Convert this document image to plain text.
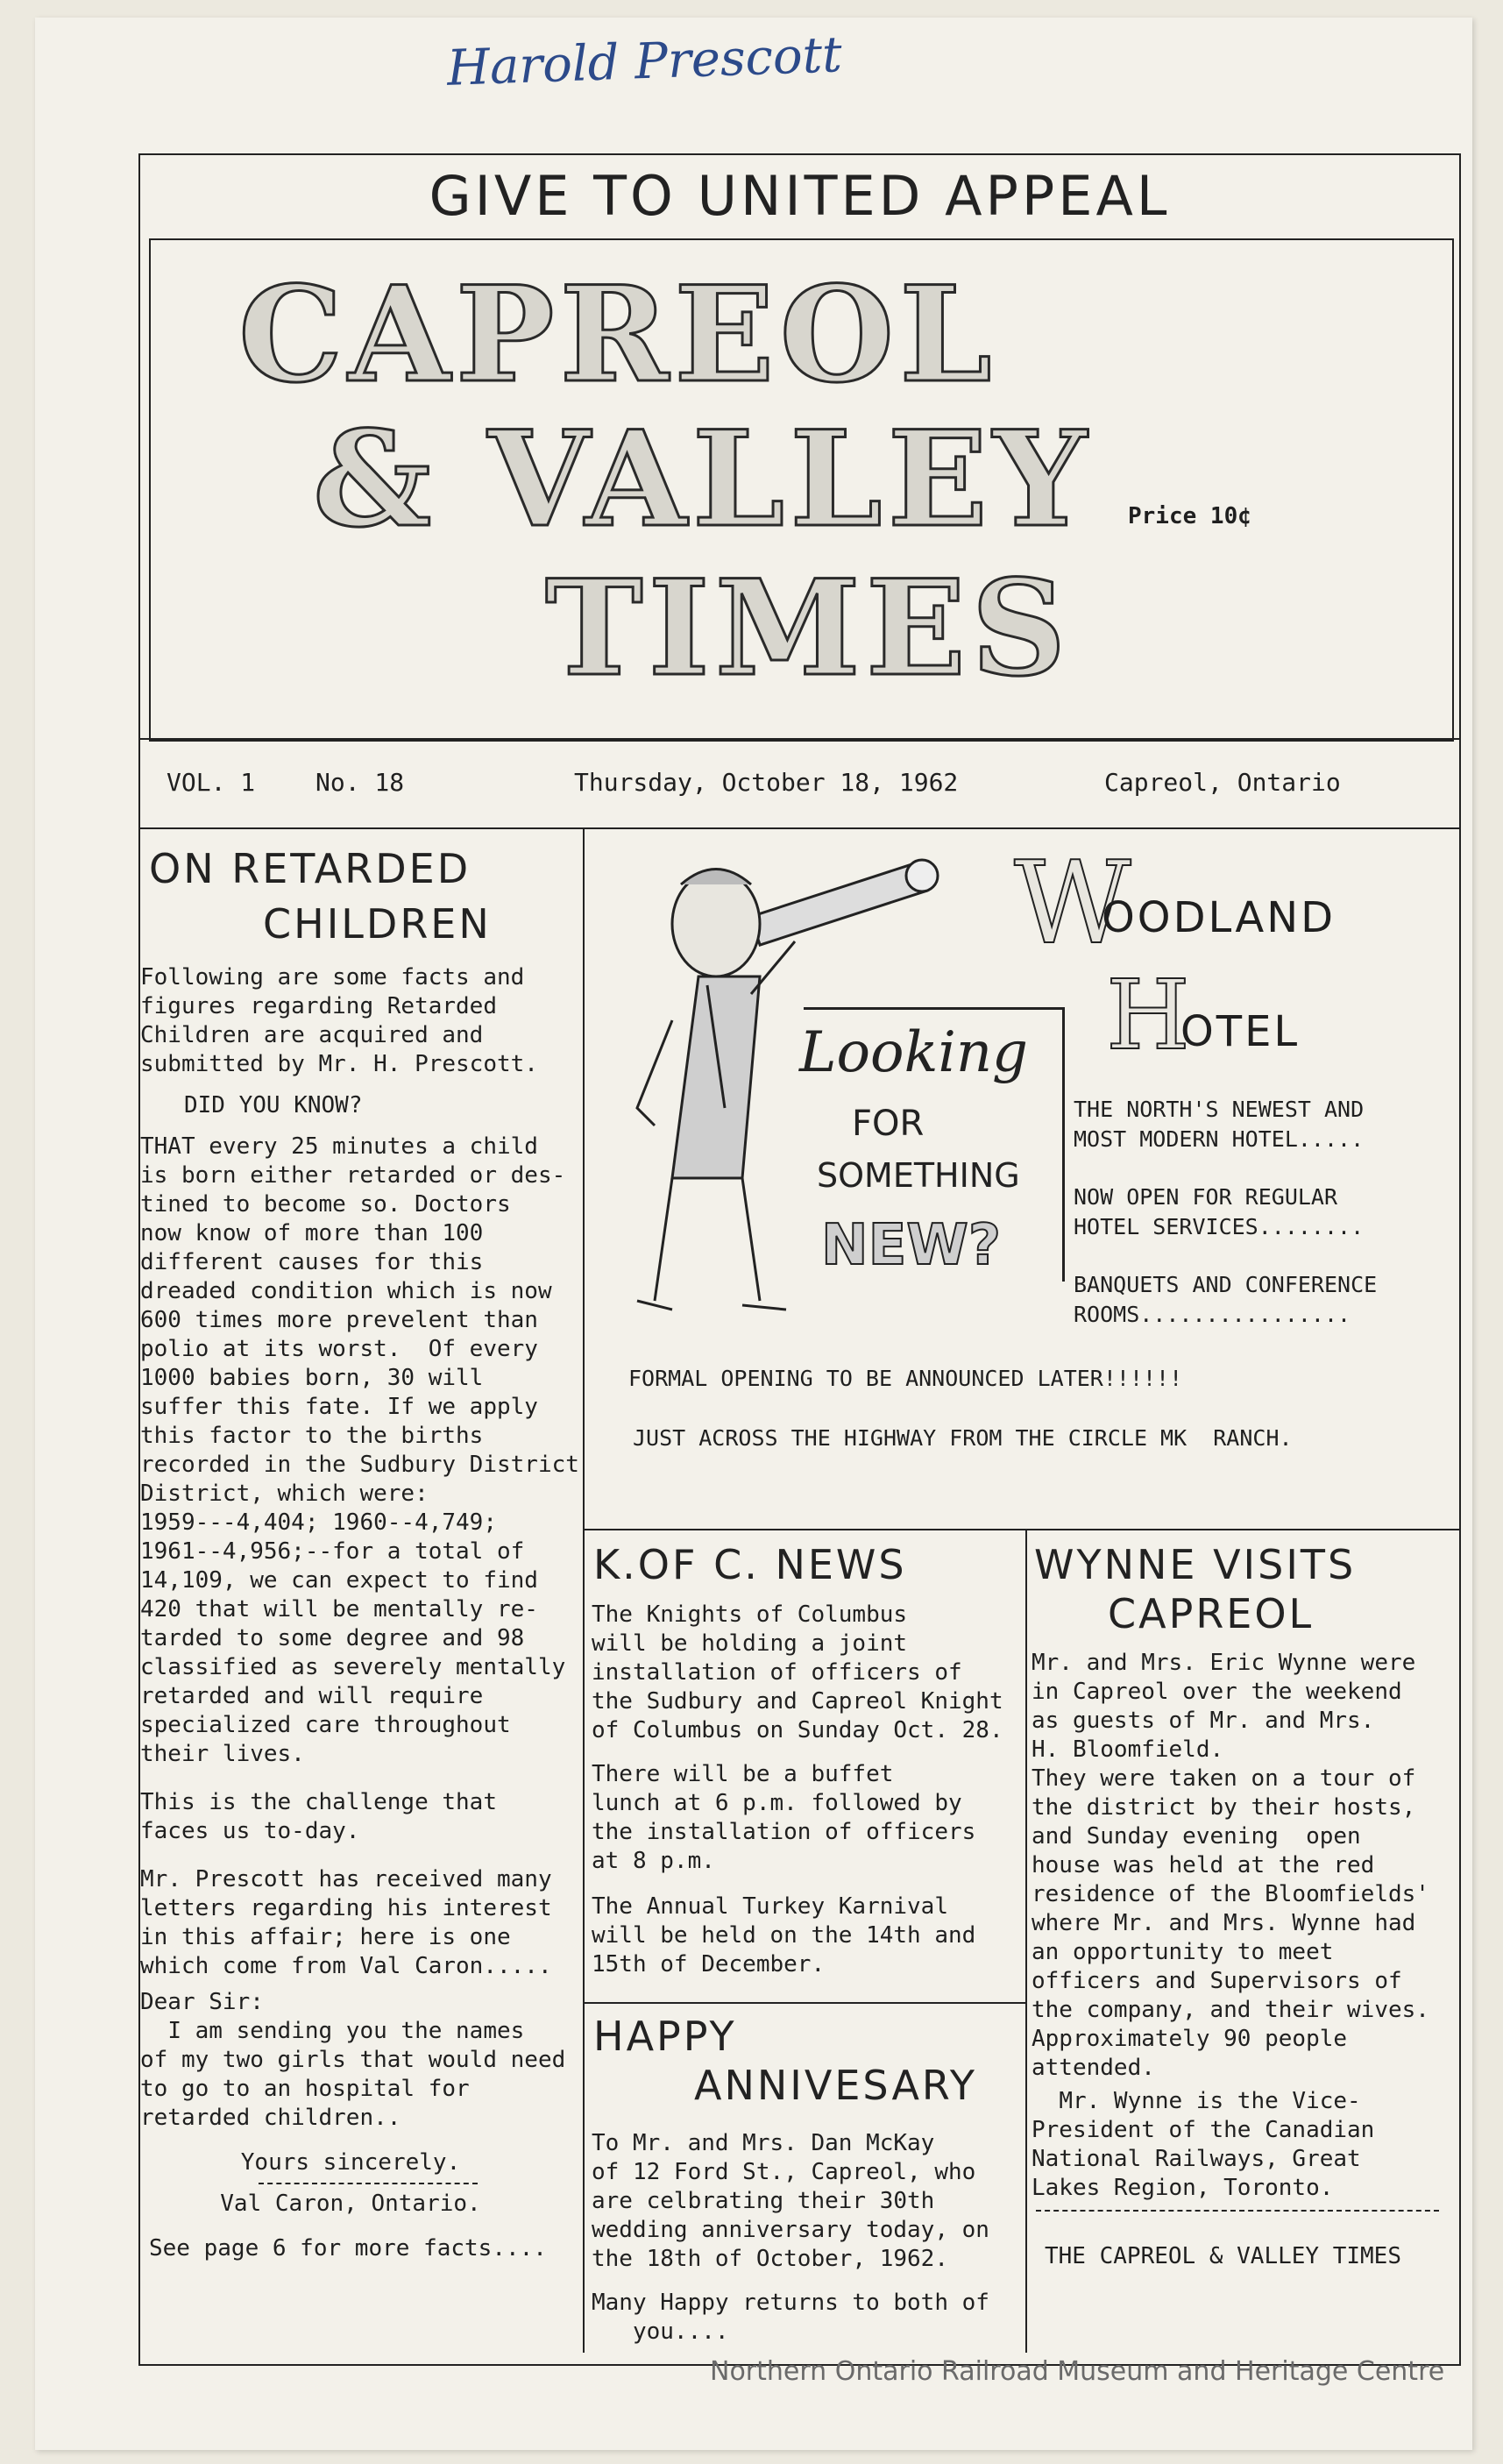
Harold Prescott
GIVE TO UNITED APPEAL
CAPREOL
& VALLEY
TIMES
Price 10¢
VOL. 1 No. 18	Thursday, October 18, 1962	Capreol, Ontario
ON RETARDED
CHILDREN
Following are some facts and
figures regarding Retarded
Children are acquired and
submitted by Mr. H. Prescott.
DID YOU KNOW?
THAT every 25 minutes a child
is born either retarded or des-
tined to become so. Doctors
now know of more than 100
different causes for this
dreaded condition which is now
600 times more prevelent than
polio at its worst.  Of every
1000 babies born, 30 will
suffer this fate. If we apply
this factor to the births
recorded in the Sudbury District
District, which were:
1959---4,404; 1960--4,749;
1961--4,956;--for a total of
14,109, we can expect to find
420 that will be mentally re-
tarded to some degree and 98
classified as severely mentally
retarded and will require
specialized care throughout
their lives.
This is the challenge that
faces us to-day.
Mr. Prescott has received many
letters regarding his interest
in this affair; here is one
which come from Val Caron.....
Dear Sir:
I am sending you the names
of my two girls that would need
to go to an hospital for
retarded children..
Yours sincerely.
Val Caron, Ontario.
See page 6 for more facts....
Looking
FOR
SOMETHING
NEW?
W
OODLAND
H
OTEL
THE NORTH'S NEWEST AND
MOST MODERN HOTEL.....
NOW OPEN FOR REGULAR
HOTEL SERVICES........
BANQUETS AND CONFERENCE
ROOMS................
FORMAL OPENING TO BE ANNOUNCED LATER!!!!!!
JUST ACROSS THE HIGHWAY FROM THE CIRCLE MK  RANCH.
K.OF C. NEWS
The Knights of Columbus
will be holding a joint
installation of officers of
the Sudbury and Capreol Knight
of Columbus on Sunday Oct. 28.
There will be a buffet
lunch at 6 p.m. followed by
the installation of officers
at 8 p.m.
The Annual Turkey Karnival
will be held on the 14th and
15th of December.
HAPPY
ANNIVESARY
To Mr. and Mrs. Dan McKay
of 12 Ford St., Capreol, who
are celbrating their 30th
wedding anniversary today, on
the 18th of October, 1962.
Many Happy returns to both of
you....
WYNNE VISITS
CAPREOL
Mr. and Mrs. Eric Wynne were
in Capreol over the weekend
as guests of Mr. and Mrs.
H. Bloomfield.
They were taken on a tour of
the district by their hosts,
and Sunday evening  open
house was held at the red
residence of the Bloomfields'
where Mr. and Mrs. Wynne had
an opportunity to meet
officers and Supervisors of
the company, and their wives.
Approximately 90 people
attended.
Mr. Wynne is the Vice-
President of the Canadian
National Railways, Great
Lakes Region, Toronto.
THE CAPREOL & VALLEY TIMES
Northern Ontario Railroad Museum and Heritage Centre
